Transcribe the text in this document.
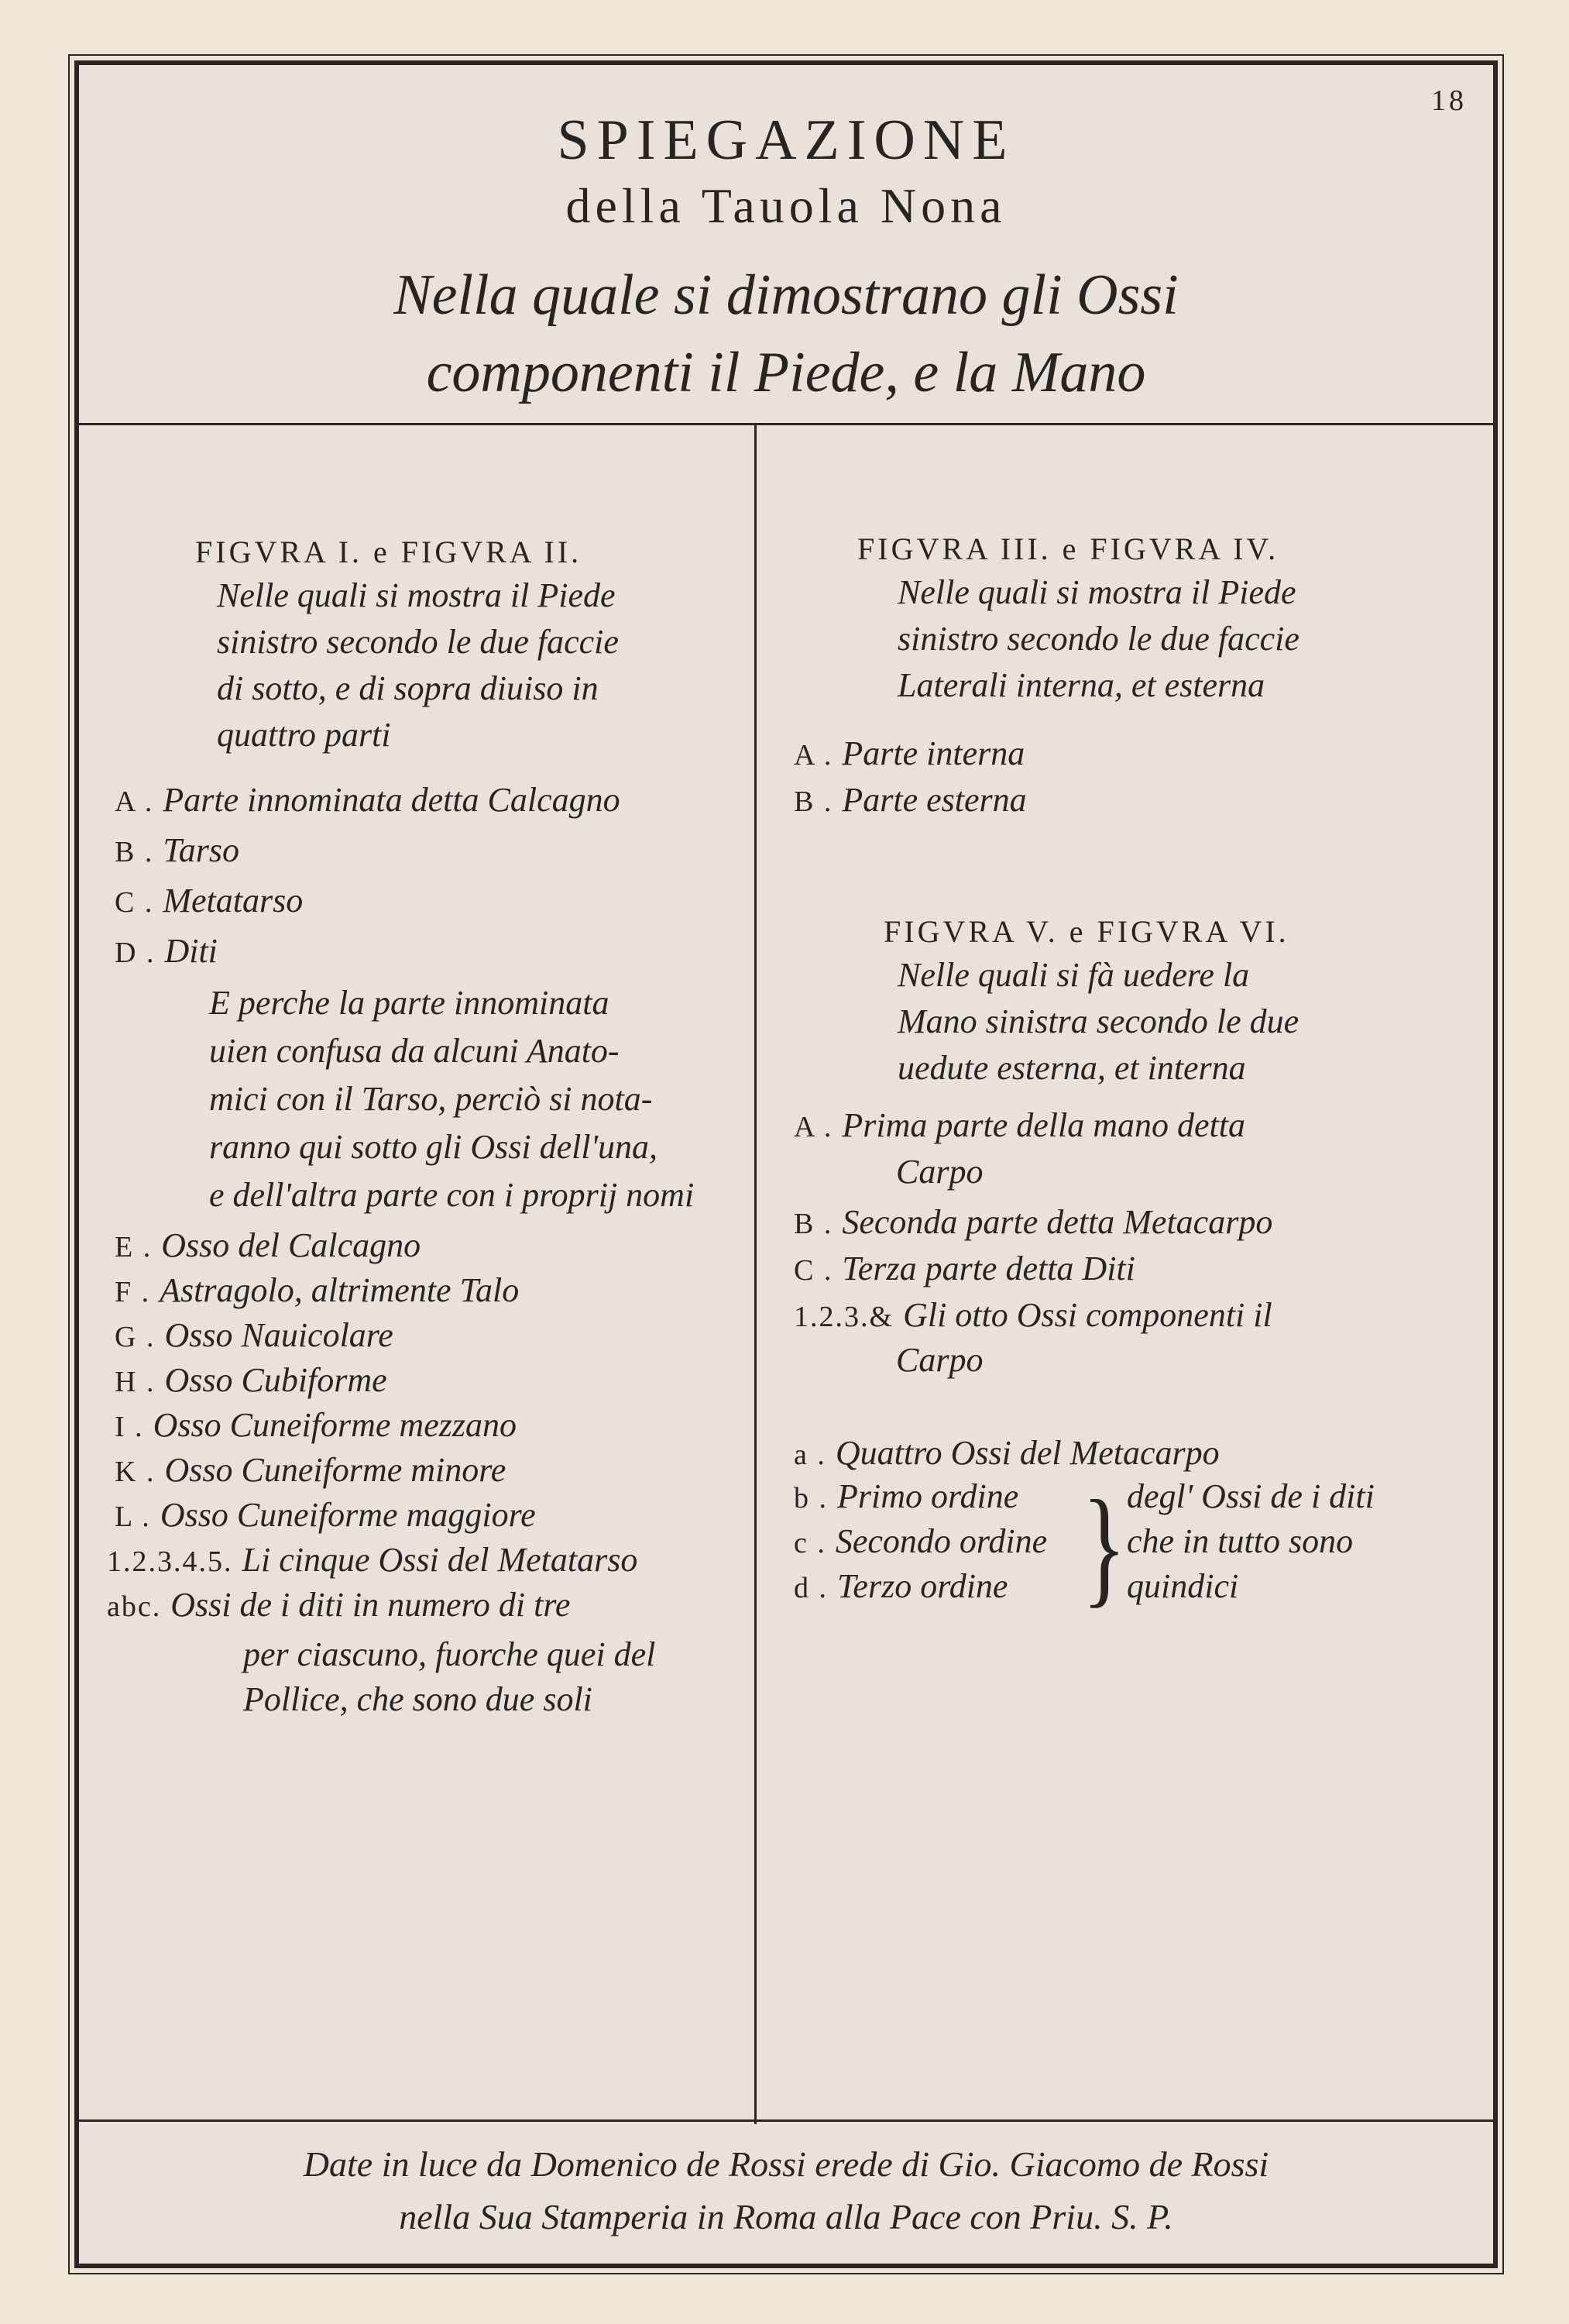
18
SPIEGAZIONE
della Tauola Nona
Nella quale si dimostrano gli Ossi
componenti il Piede, e la Mano
FIGVRA I. e FIGVRA II.
Nelle quali si mostra il Piede
sinistro secondo le due faccie
di sotto, e di sopra diuiso in
quattro parti
A . Parte innominata detta Calcagno
B . Tarso
C . Metatarso
D . Diti
E perche la parte innominata
uien confusa da alcuni Anato-
mici con il Tarso, perciò si nota-
ranno qui sotto gli Ossi dell'una,
e dell'altra parte con i proprij nomi
E . Osso del Calcagno
F . Astragolo, altrimente Talo
G . Osso Nauicolare
H . Osso Cubiforme
I . Osso Cuneiforme mezzano
K . Osso Cuneiforme minore
L . Osso Cuneiforme maggiore
1.2.3.4.5. Li cinque Ossi del Metatarso
abc. Ossi de i diti in numero di tre
per ciascuno, fuorche quei del
Pollice, che sono due soli
FIGVRA III. e FIGVRA IV.
Nelle quali si mostra il Piede
sinistro secondo le due faccie
Laterali interna, et esterna
A . Parte interna
B . Parte esterna
FIGVRA V. e FIGVRA VI.
Nelle quali si fà uedere la
Mano sinistra secondo le due
uedute esterna, et interna
A . Prima parte della mano detta
Carpo
B . Seconda parte detta Metacarpo
C . Terza parte detta Diti
1.2.3.& Gli otto Ossi componenti il
Carpo
a . Quattro Ossi del Metacarpo
b . Primo ordine
c . Secondo ordine
d . Terzo ordine } degl' Ossi de i diti
che in tutto sono
quindici
Date in luce da Domenico de Rossi erede di Gio. Giacomo de Rossi
nella Sua Stamperia in Roma alla Pace con Priu. S. P.
